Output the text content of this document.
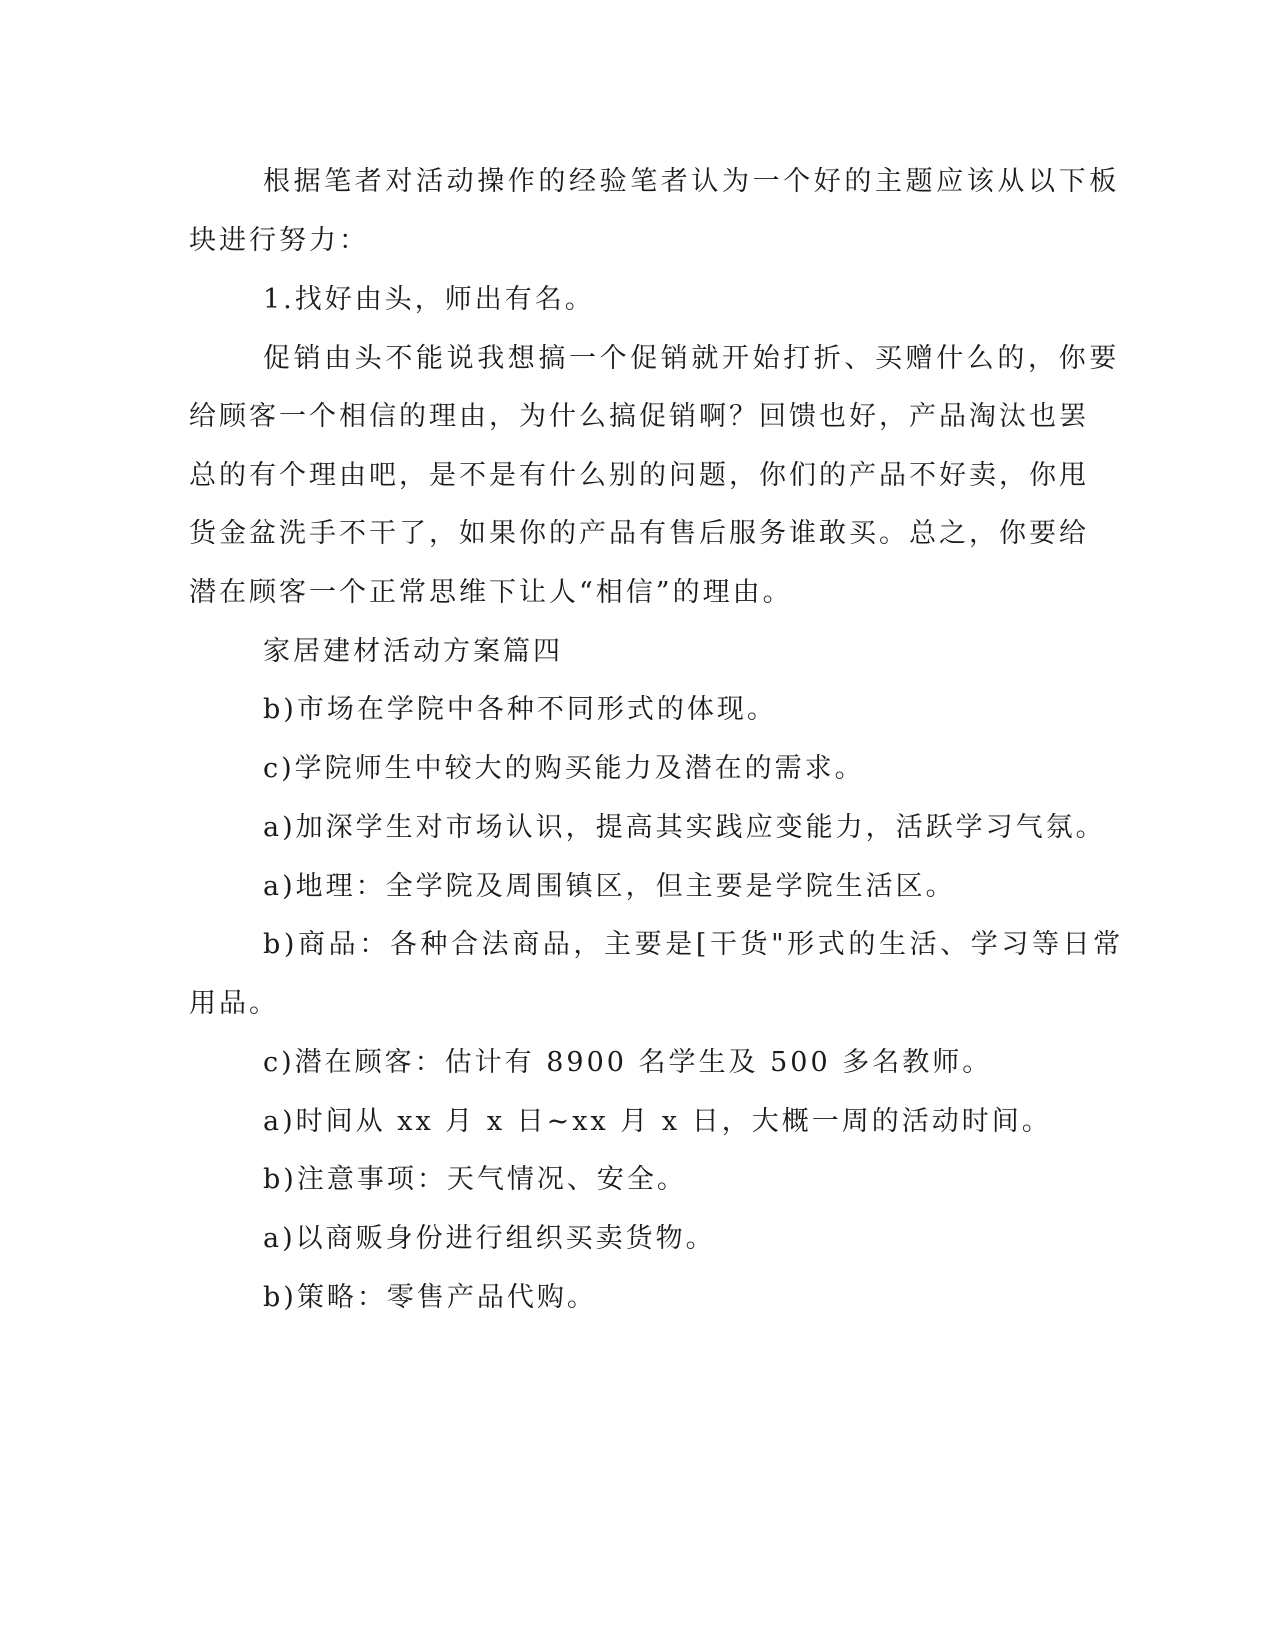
根据笔者对活动操作的经验笔者认为一个好的主题应该从以下板
块进行努力：
1.找好由头，师出有名。
促销由头不能说我想搞一个促销就开始打折、买赠什么的，你要
给顾客一个相信的理由，为什么搞促销啊？回馈也好，产品淘汰也罢
总的有个理由吧，是不是有什么别的问题，你们的产品不好卖，你甩
货金盆洗手不干了，如果你的产品有售后服务谁敢买。总之，你要给
潜在顾客一个正常思维下让人“相信”的理由。
家居建材活动方案篇四
b)市场在学院中各种不同形式的体现。
c)学院师生中较大的购买能力及潜在的需求。
a)加深学生对市场认识，提高其实践应变能力，活跃学习气氛。
a)地理：全学院及周围镇区，但主要是学院生活区。
b)商品：各种合法商品，主要是[干货"形式的生活、学习等日常
用品。
c)潜在顾客：估计有 8900 名学生及 500 多名教师。
a)时间从 xx 月 x 日~xx 月 x 日，大概一周的活动时间。
b)注意事项：天气情况、安全。
a)以商贩身份进行组织买卖货物。
b)策略：零售产品代购。
